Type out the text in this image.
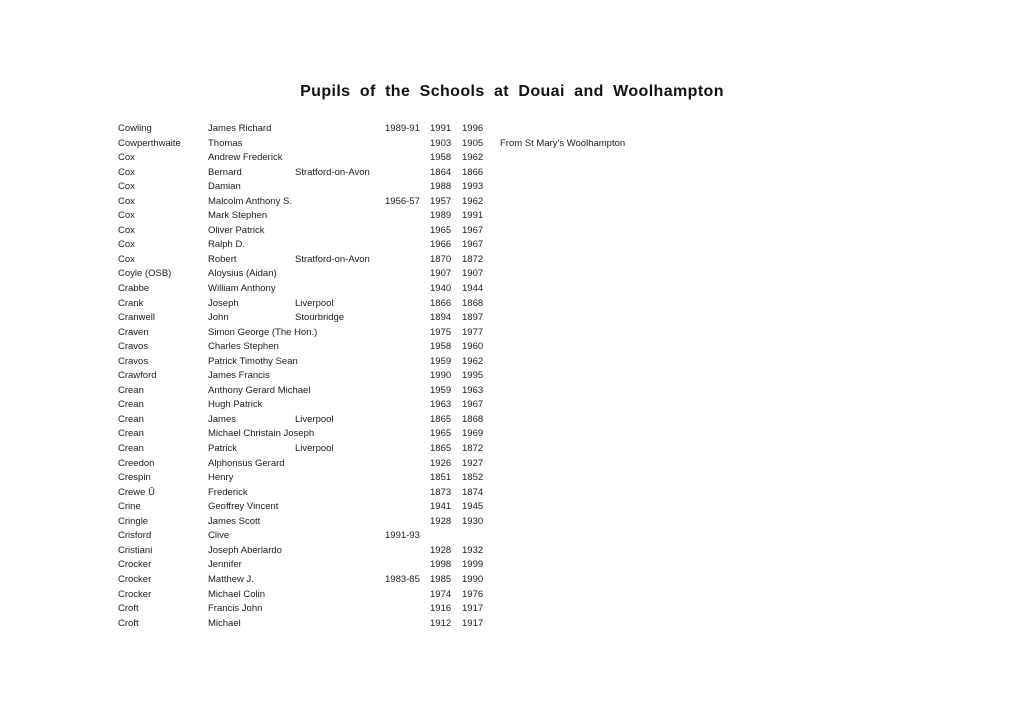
Pupils of the Schools at Douai and Woolhampton
Cowling	James Richard	1989-91	1991	1996
Cowperthwaite	Thomas	1903	1905	From St Mary's Woolhampton
Cox	Andrew Frederick	1958	1962
Cox	Bernard	Stratford-on-Avon	1864	1866
Cox	Damian	1988	1993
Cox	Malcolm Anthony S.	1956-57	1957	1962
Cox	Mark Stephen	1989	1991
Cox	Oliver Patrick	1965	1967
Cox	Ralph D.	1966	1967
Cox	Robert	Stratford-on-Avon	1870	1872
Coyle (OSB)	Aloysius (Aidan)	1907	1907
Crabbe	William Anthony	1940	1944
Crank	Joseph	Liverpool	1866	1868
Cranwell	John	Stourbridge	1894	1897
Craven	Simon George (The Hon.)	1975	1977
Cravos	Charles Stephen	1958	1960
Cravos	Patrick Timothy Sean	1959	1962
Crawford	James Francis	1990	1995
Crean	Anthony Gerard Michael	1959	1963
Crean	Hugh Patrick	1963	1967
Crean	James	Liverpool	1865	1868
Crean	Michael Christain Joseph	1965	1969
Crean	Patrick	Liverpool	1865	1872
Creedon	Alphonsus Gerard	1926	1927
Crespin	Henry	1851	1852
Crewe Ū	Frederick	1873	1874
Crine	Geoffrey Vincent	1941	1945
Cringle	James Scott	1928	1930
Crisford	Clive	1991-93
Cristiani	Joseph Aberlardo	1928	1932
Crocker	Jennifer	1998	1999
Crocker	Matthew J.	1983-85	1985	1990
Crocker	Michael Colin	1974	1976
Croft	Francis John	1916	1917
Croft	Michael	1912	1917
